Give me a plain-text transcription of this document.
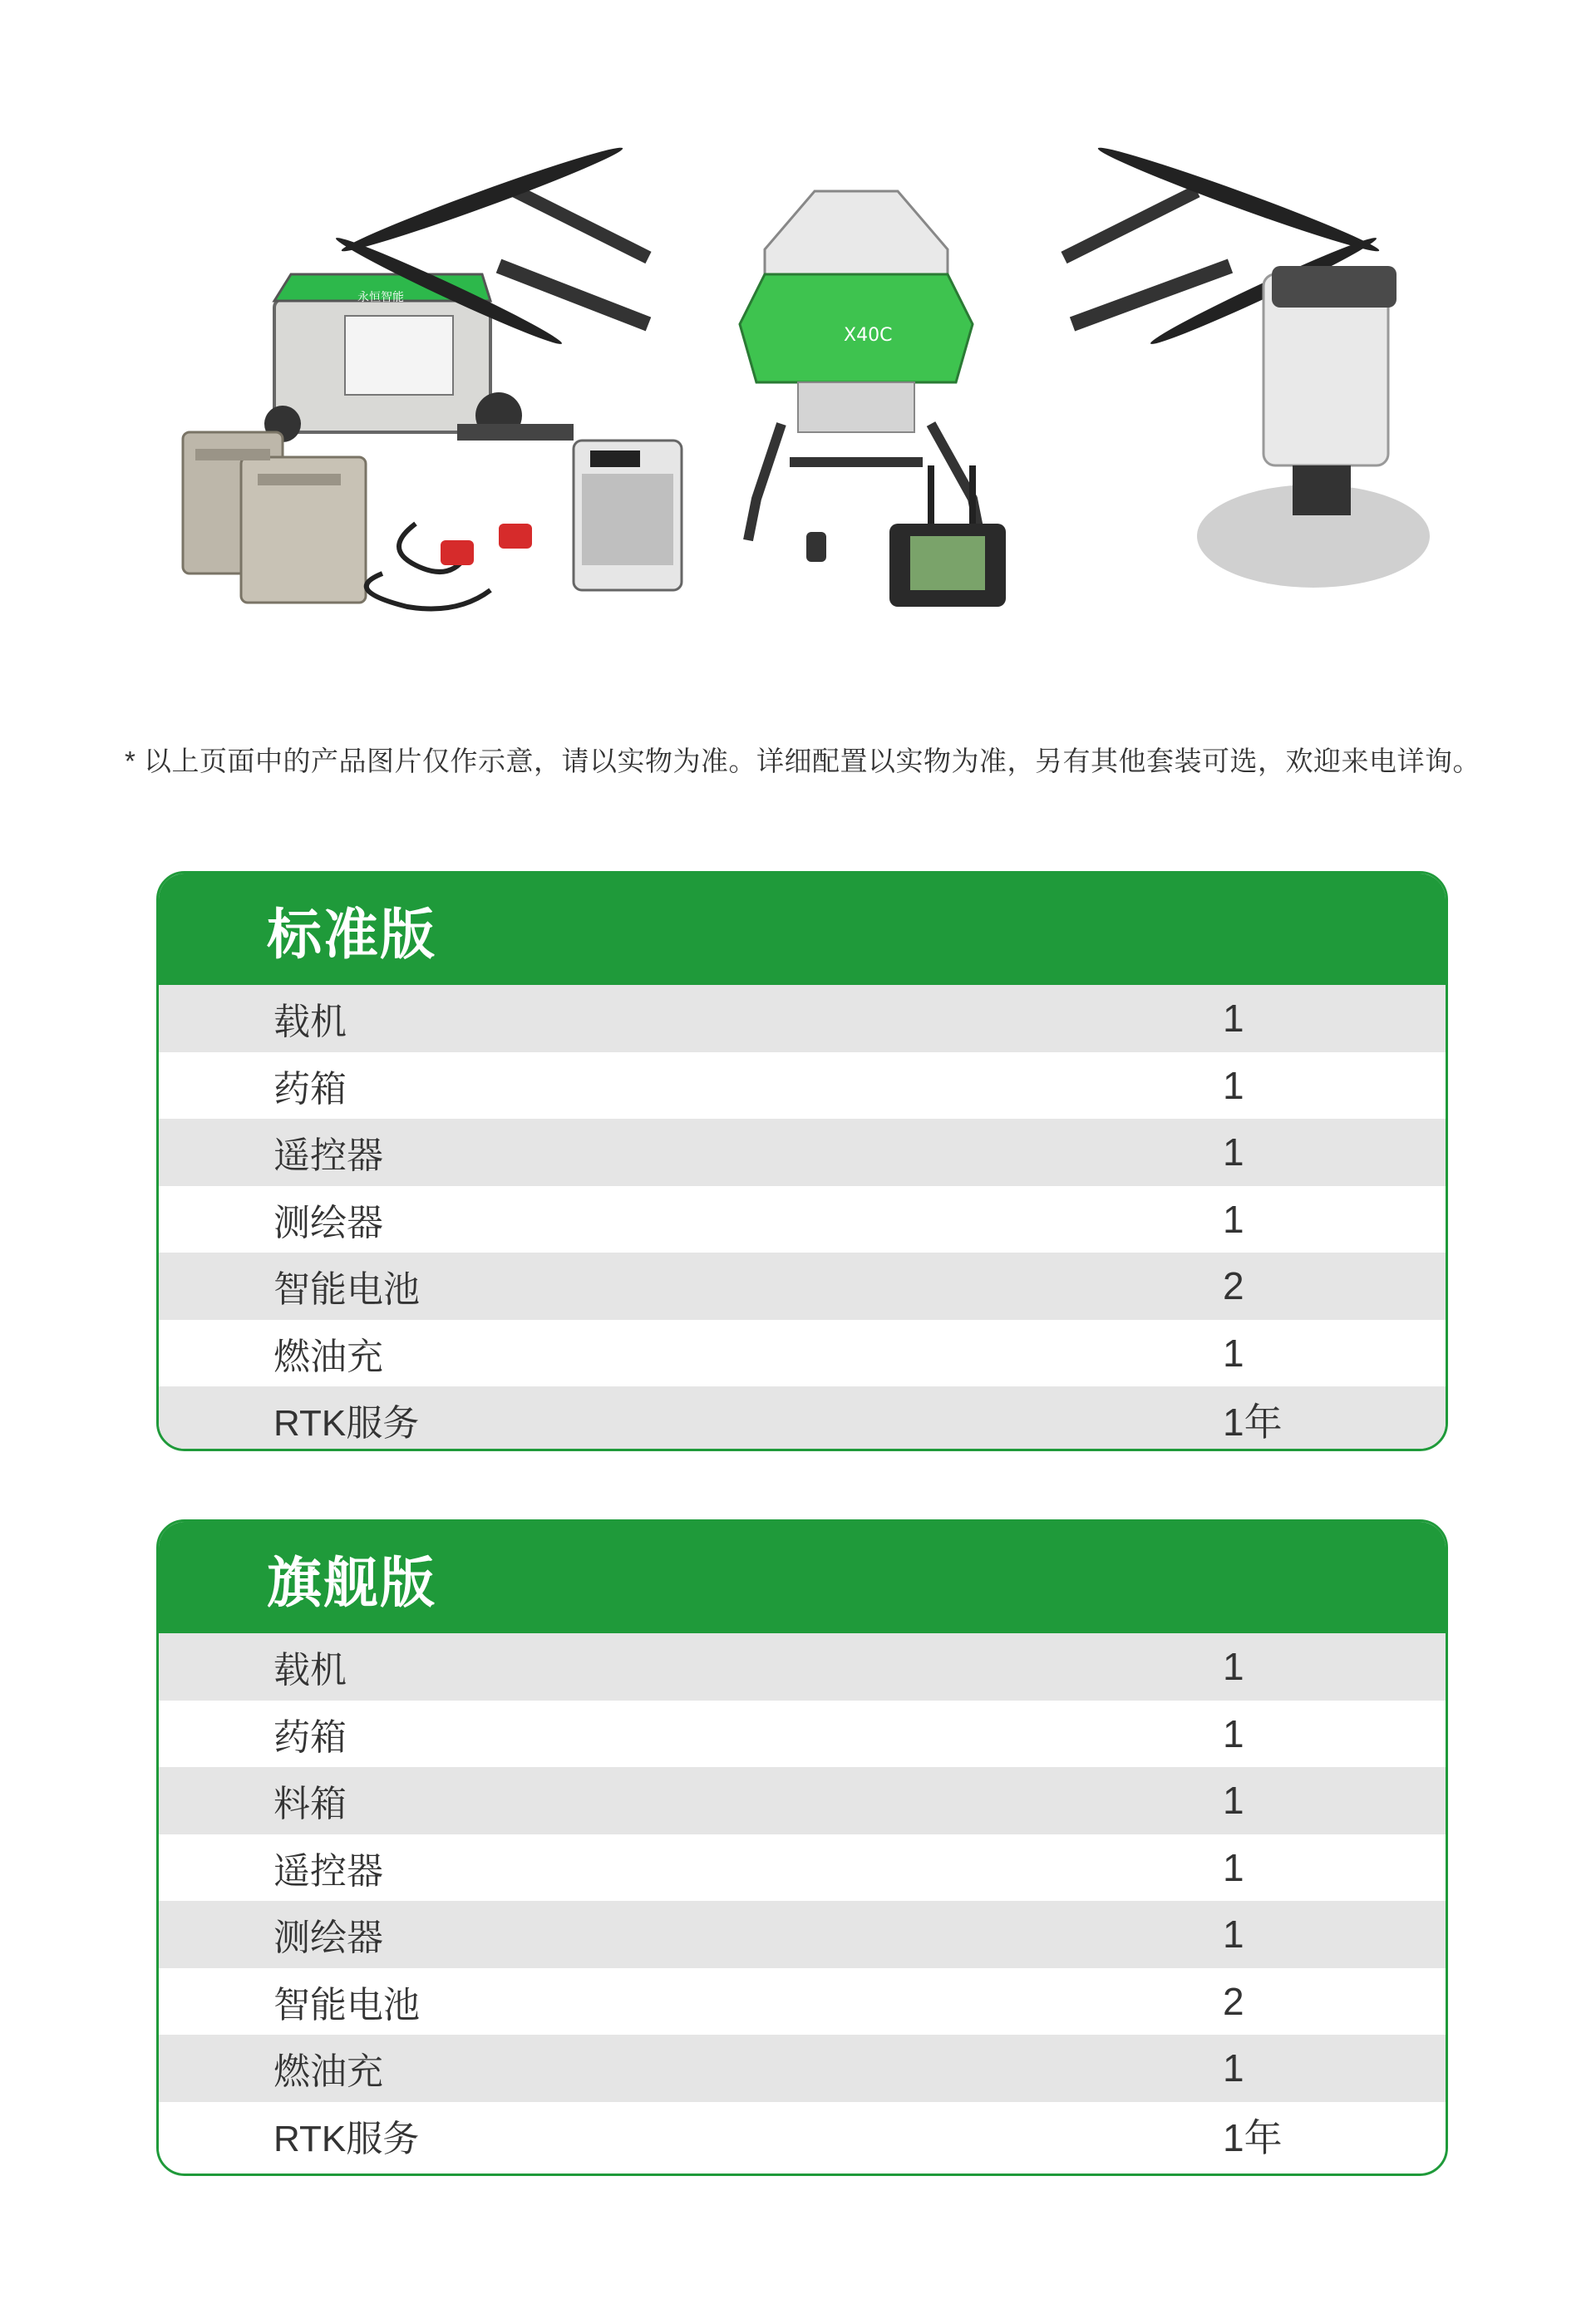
永恒智能
X40C
* 以上页面中的产品图片仅作示意，请以实物为准。详细配置以实物为准，另有其他套装可选，欢迎来电详询。
标准版
载机	1
药箱	1
遥控器	1
测绘器	1
智能电池	2
燃油充	1
RTK服务	1年
旗舰版
载机	1
药箱	1
料箱	1
遥控器	1
测绘器	1
智能电池	2
燃油充	1
RTK服务	1年
